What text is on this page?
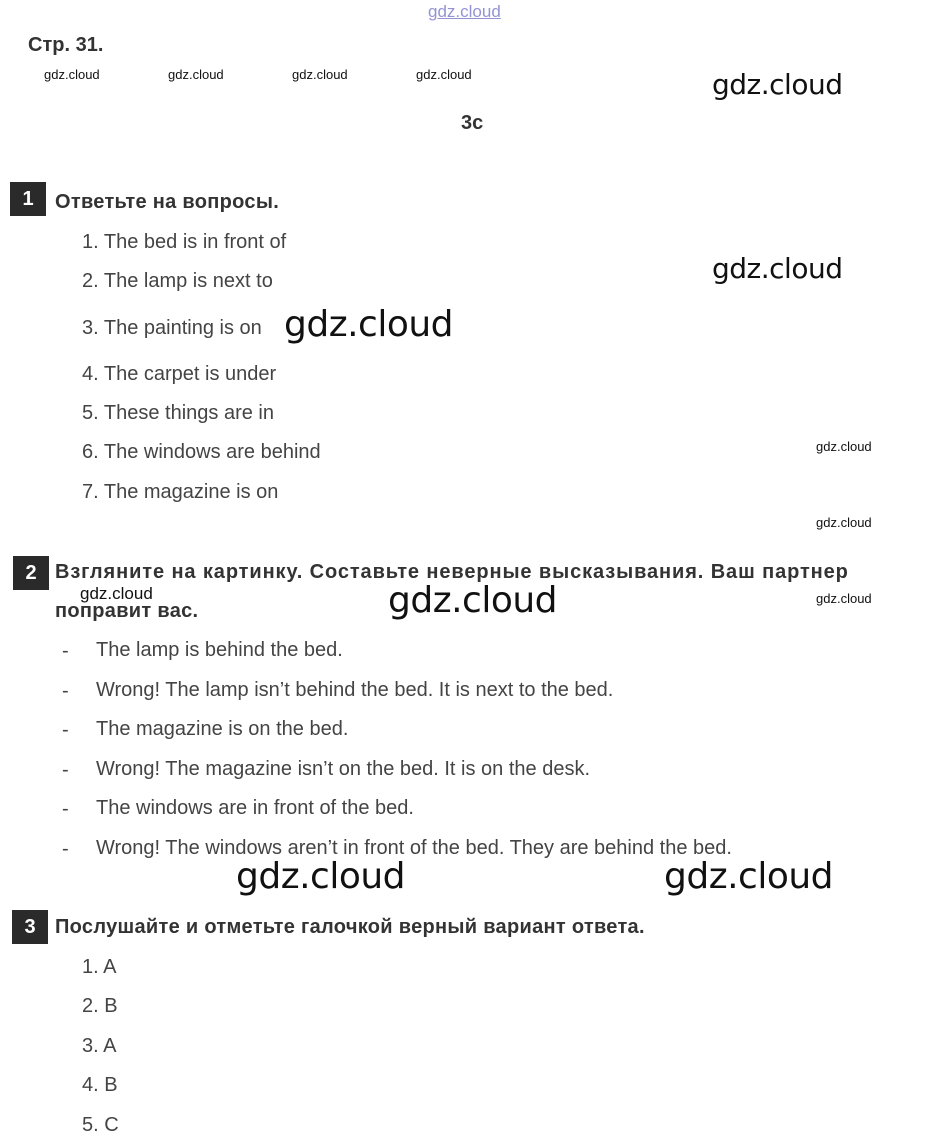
gdz.cloud
Стр. 31.
gdz.cloud	gdz.cloud	gdz.cloud	gdz.cloud	gdz.cloud
3c
1	Ответьте на вопросы.
1. The bed is in front of
2. The lamp is next to
3. The painting is on
4. The carpet is under
5. These things are in
6. The windows are behind
7. The magazine is on
gdz.cloud
gdz.cloud
gdz.cloud
gdz.cloud
2 Взгляните на картинку. Составьте неверные высказывания. Ваш партнер
поправит вас.
gdz.cloud	gdz.cloud	gdz.cloud
- The lamp is behind the bed.
- Wrong! The lamp isn’t behind the bed. It is next to the bed.
- The magazine is on the bed.
- Wrong! The magazine isn’t on the bed. It is on the desk.
- The windows are in front of the bed.
- Wrong! The windows aren’t in front of the bed. They are behind the bed.
gdz.cloud	gdz.cloud
3 Послушайте и отметьте галочкой верный вариант ответа.
1. A
2. B
3. A
4. B
5. C
